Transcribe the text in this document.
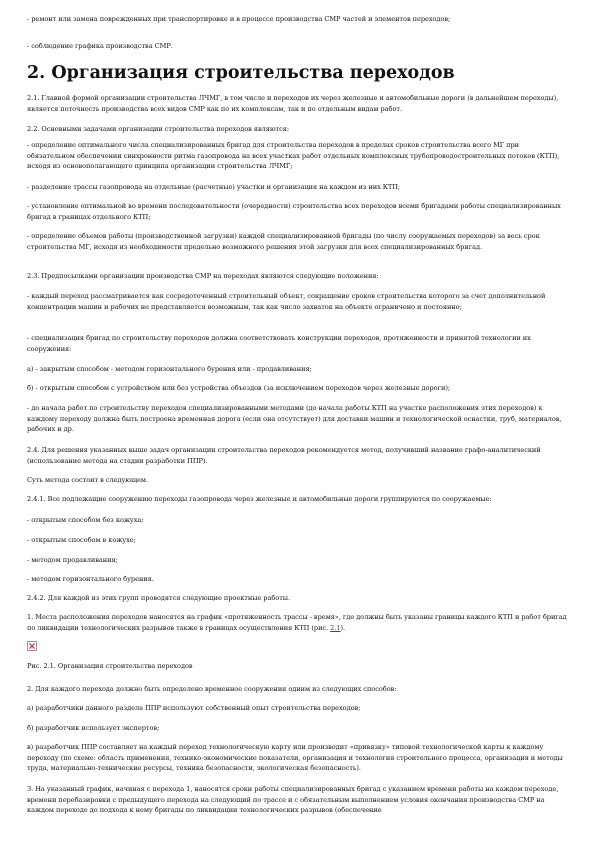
- ремонт или замена поврежденных при транспортировке и в процессе производства СМР частей и элементов переходов;

- соблюдение графика производства СМР.

2. Организация строительства переходов

2.1. Главной формой организации строительства ЛЧМГ, в том числе и переходов их через железные и автомобильные дороги (в дальнейшем переходы), является поточность производства всех видов СМР как по их комплексам, так и по отдельным видам работ.

2.2. Основными задачами организации строительства переходов являются:

- определение оптимального числа специализированных бригад для строительства переходов в пределах сроков строительства всего МГ при обязательном обеспечении синхронности ритма газопровода на всех участках работ отдельных комплексных трубопроводостроительных потоков (КТП), исходя из основополагающего принципа организации строительства ЛЧМГ;

- разделение трассы газопровода на отдельные (расчетные) участки и организация на каждом из них КТП;

- установление оптимальной во времени последовательности (очередности) строительства всех переходов всеми бригадами работы специализированных бригад в границах отдельного КТП;

- определение объемов работы (производственной загрузки) каждой специализированной бригады (по числу сооружаемых переходов) за весь срок строительства МГ, исходя из необходимости предельно возможного решения этой загрузки для всех специализированных бригад.

2.3. Предпосылками организации производства СМР на переходах являются следующие положения:

- каждый переход рассматривается как сосредоточенный строительный объект, сокращение сроков строительства которого за счет дополнительной концентрации машин и рабочих не представляется возможным, так как число захваток на объекте ограничено и постоянно;

- специализация бригад по строительству переходов должна соответствовать конструкции переходов, протяженности и принятой технологии их сооружения:

а) - закрытым способом - методом горизонтального бурения или - продавливания;

б) - открытым способом с устройством или без устройства объездов (за исключением переходов через железные дороги);

- до начала работ по строительству переходов специализированными методами (до начала работы КТП на участке расположения этих переходов) к каждому переходу должна быть построена временная дорога (если она отсутствует) для доставки машин и технологической оснастки, труб, материалов, рабочих и др.

2.4. Для решения указанных выше задач организации строительства переходов рекомендуется метод, получивший название графо-аналитический (использование метода на стадии разработки ППР).

Суть метода состоит в следующем.

2.4.1. Все подлежащие сооружению переходы газопровода через железные и автомобильные дороги группируются по сооружаемые:

- открытым способом без кожуха;

- открытым способом в кожухе;

- методом продавливания;

- методом горизонтального бурения.

2.4.2. Для каждой из этих групп проводятся следующие проектные работы.

1. Места расположения переходов наносятся на график «протяженность трассы - время», где должны быть указаны границы каждого КТП и работ бригад по ликвидации технологических разрывов также в границах осуществления КТП (рис. 2.1).

Рис. 2.1. Организация строительства переходов

2. Для каждого перехода должно быть определено временное сооружения одним из следующих способов:

а) разработчики данного раздела ППР используют собственный опыт строительства переходов;

б) разработчик использует экспертов;

в) разработчик ППР составляет на каждый переход технологическую карту или производит «привязку» типовой технологической карты к каждому переходу (по схеме: область применения, технико-экономические показатели, организация и технология строительного процесса, организация и методы труда, материально-технические ресурсы, техника безопасности, экологическая безопасность).

3. На указанный график, начиная с перехода 1, наносятся сроки работы специализированных бригад с указанием времени работы на каждом переходе, времени перебазировки с предыдущего перехода на следующий по трассе и с обязательным выполнением условия окончания производства СМР на каждом переходе до подхода к нему бригады по ликвидации технологических разрывов (обеспечение
